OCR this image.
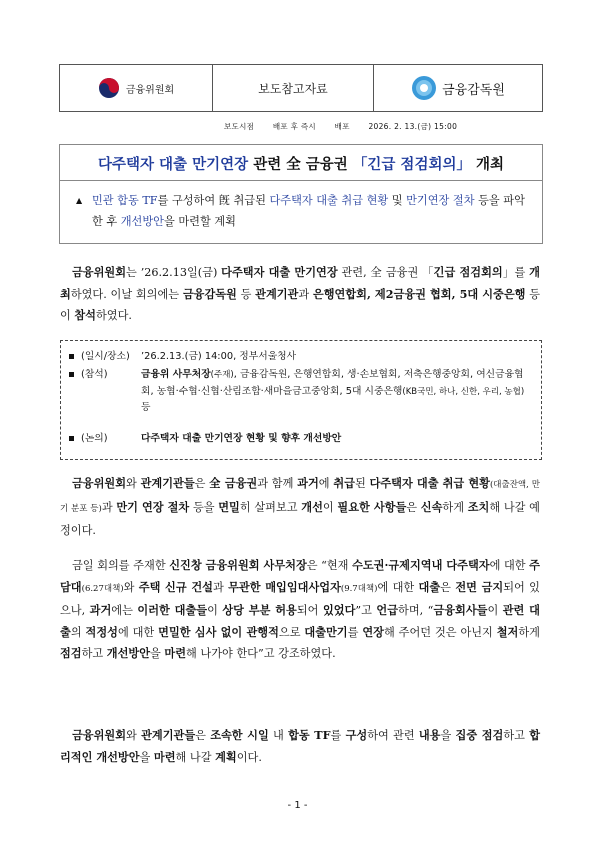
금융위원회	보도참고자료	금융감독원
보도시점 배포 후 즉시 배포 2026. 2. 13.(금) 15:00
다주택자 대출 만기연장 관련 全 금융권 「긴급 점검회의」 개최
▲ 민관 합동 TF를 구성하여 旣 취급된 다주택자 대출 취급 현황 및 만기연장 절차 등을 파악한 후 개선방안을 마련할 계획
금융위원회는 ’26.2.13일(금) 다주택자 대출 만기연장 관련, 全 금융권 「긴급 점검회의」를 개최하였다. 이날 회의에는 금융감독원 등 관계기관과 은행연합회, 제2금융권 협회, 5대 시중은행 등이 참석하였다.
(일시/장소) ’26.2.13.(금) 14:00, 정부서울청사
(참석)	금융위 사무처장(주재), 금융감독원, 은행연합회, 생·손보협회, 저축은행중앙회, 여신금융협회, 농협·수협·신협·산림조합·새마을금고중앙회, 5대 시중은행(KB국민, 하나, 신한, 우리, 농협) 등
(논의)	다주택자 대출 만기연장 현황 및 향후 개선방안
금융위원회와 관계기관들은 全 금융권과 함께 과거에 취급된 다주택자 대출 취급 현황(대출잔액, 만기 분포 등)과 만기 연장 절차 등을 면밀히 살펴보고 개선이 필요한 사항들은 신속하게 조치해 나갈 예정이다.
금일 회의를 주재한 신진창 금융위원회 사무처장은 “현재 수도권·규제지역내 다주택자에 대한 주담대(6.27대책)와 주택 신규 건설과 무관한 매입임대사업자(9.7대책)에 대한 대출은 전면 금지되어 있으나, 과거에는 이러한 대출들이 상당 부분 허용되어 있었다”고 언급하며, “금융회사들이 관련 대출의 적정성에 대한 면밀한 심사 없이 관행적으로 대출만기를 연장해 주어던 것은 아닌지 철저하게 점검하고 개선방안을 마련해 나가야 한다”고 강조하였다.
금융위원회와 관계기관들은 조속한 시일 내 합동 TF를 구성하여 관련 내용을 집중 점검하고 합리적인 개선방안을 마련해 나갈 계획이다.
- 1 -
